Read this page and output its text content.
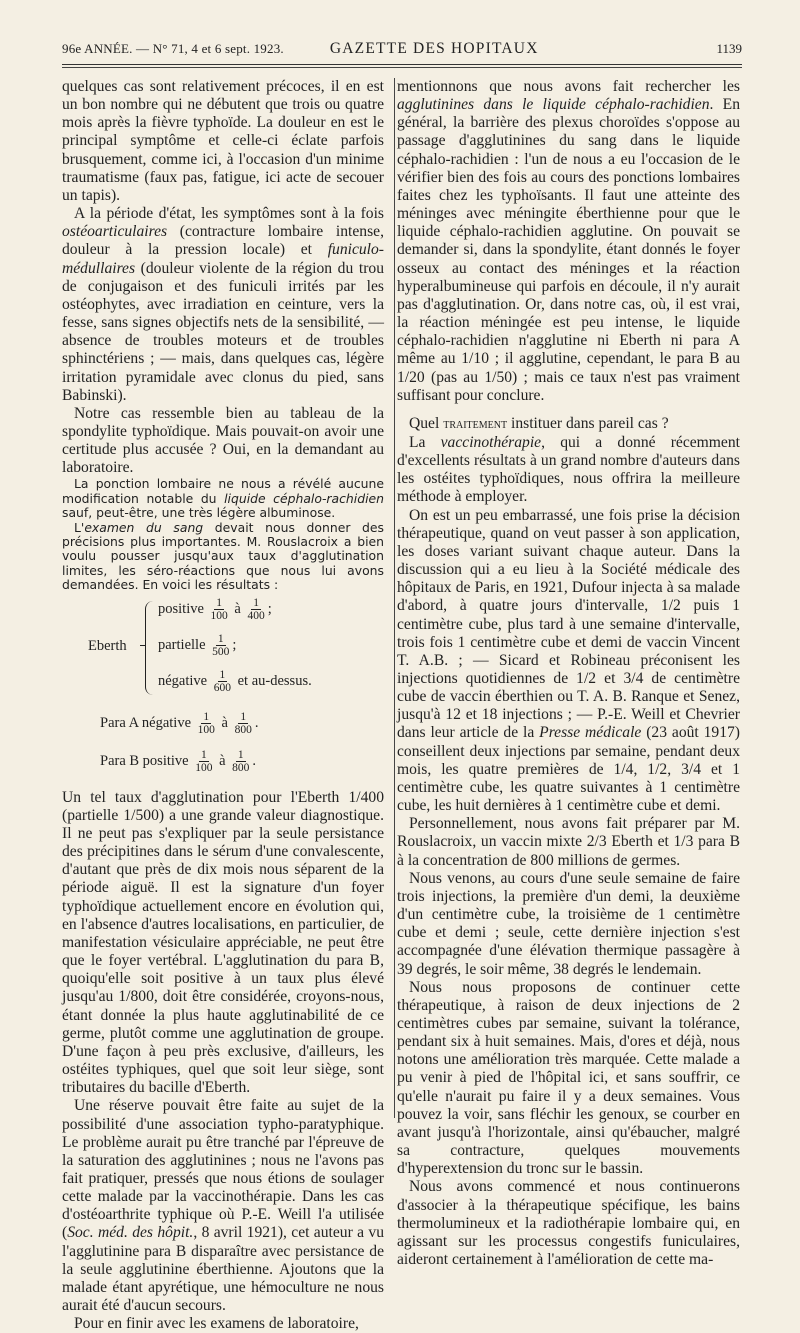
96e ANNÉE. — N° 71, 4 et 6 sept. 1923.	GAZETTE DES HOPITAUX	1139

quelques cas sont relativement précoces, il en est un bon nombre qui ne débutent que trois ou quatre mois après la fièvre typhoïde. La douleur en est le principal symptôme et celle-ci éclate parfois brusquement, comme ici, à l'occasion d'un minime traumatisme (faux pas, fatigue, ici acte de secouer un tapis).

A la période d'état, les symptômes sont à la fois ostéoarticulaires (contracture lombaire intense, douleur à la pression locale) et funiculo-médullaires (douleur violente de la région du trou de conjugaison et des funiculi irrités par les ostéophytes, avec irradiation en ceinture, vers la fesse, sans signes objectifs nets de la sensibilité, — absence de troubles moteurs et de troubles sphinctériens ; — mais, dans quelques cas, légère irritation pyramidale avec clonus du pied, sans Babinski).

Notre cas ressemble bien au tableau de la spondylite typhoïdique. Mais pouvait-on avoir une certitude plus accusée ? Oui, en la demandant au laboratoire.

La ponction lombaire ne nous a révélé aucune modification notable du liquide céphalo-rachidien sauf, peut-être, une très légère albuminose.

L'examen du sang devait nous donner des précisions plus importantes. M. Rouslacroix a bien voulu pousser jusqu'aux taux d'agglutination limites, les séro-réactions que nous lui avons demandées. En voici les résultats :

Eberth
positive $\frac{1}{100}$ à $\frac{1}{400}$ ;
partielle $\frac{1}{500}$ ;
négative $\frac{1}{600}$ et au-dessus.
Para A négative $\frac{1}{100}$ à $\frac{1}{800}$ .
Para B positive $\frac{1}{100}$ à $\frac{1}{800}$ .

Un tel taux d'agglutination pour l'Eberth 1/400 (partielle 1/500) a une grande valeur diagnostique. Il ne peut pas s'expliquer par la seule persistance des précipitines dans le sérum d'une convalescente, d'autant que près de dix mois nous séparent de la période aiguë. Il est la signature d'un foyer typhoïdique actuellement encore en évolution qui, en l'absence d'autres localisations, en particulier, de manifestation vésiculaire appréciable, ne peut être que le foyer vertébral. L'agglutination du para B, quoiqu'elle soit positive à un taux plus élevé jusqu'au 1/800, doit être considérée, croyons-nous, étant donnée la plus haute agglutinabilité de ce germe, plutôt comme une agglutination de groupe. D'une façon à peu près exclusive, d'ailleurs, les ostéites typhiques, quel que soit leur siège, sont tributaires du bacille d'Eberth.

Une réserve pouvait être faite au sujet de la possibilité d'une association typho-paratyphique. Le problème aurait pu être tranché par l'épreuve de la saturation des agglutinines ; nous ne l'avons pas fait pratiquer, pressés que nous étions de soulager cette malade par la vaccinothérapie. Dans les cas d'ostéoarthrite typhique où P.-E. Weill l'a utilisée (Soc. méd. des hôpit., 8 avril 1921), cet auteur a vu l'agglutinine para B disparaître avec persistance de la seule agglutinine éberthienne. Ajoutons que la malade étant apyrétique, une hémoculture ne nous aurait été d'aucun secours.

Pour en finir avec les examens de laboratoire,

mentionnons que nous avons fait rechercher les agglutinines dans le liquide céphalo-rachidien. En général, la barrière des plexus choroïdes s'oppose au passage d'agglutinines du sang dans le liquide céphalo-rachidien : l'un de nous a eu l'occasion de le vérifier bien des fois au cours des ponctions lombaires faites chez les typhoïsants. Il faut une atteinte des méninges avec méningite éberthienne pour que le liquide céphalo-rachidien agglutine. On pouvait se demander si, dans la spondylite, étant donnés le foyer osseux au contact des méninges et la réaction hyperalbumineuse qui parfois en découle, il n'y aurait pas d'agglutination. Or, dans notre cas, où, il est vrai, la réaction méningée est peu intense, le liquide céphalo-rachidien n'agglutine ni Eberth ni para A même au 1/10 ; il agglutine, cependant, le para B au 1/20 (pas au 1/50) ; mais ce taux n'est pas vraiment suffisant pour conclure.

Quel traitement instituer dans pareil cas ?

La vaccinothérapie, qui a donné récemment d'excellents résultats à un grand nombre d'auteurs dans les ostéites typhoïdiques, nous offrira la meilleure méthode à employer.

On est un peu embarrassé, une fois prise la décision thérapeutique, quand on veut passer à son application, les doses variant suivant chaque auteur. Dans la discussion qui a eu lieu à la Société médicale des hôpitaux de Paris, en 1921, Dufour injecta à sa malade d'abord, à quatre jours d'intervalle, 1/2 puis 1 centimètre cube, plus tard à une semaine d'intervalle, trois fois 1 centimètre cube et demi de vaccin Vincent T. A.B. ; — Sicard et Robineau préconisent les injections quotidiennes de 1/2 et 3/4 de centimètre cube de vaccin éberthien ou T. A. B. Ranque et Senez, jusqu'à 12 et 18 injections ; — P.-E. Weill et Chevrier dans leur article de la Presse médicale (23 août 1917) conseillent deux injections par semaine, pendant deux mois, les quatre premières de 1/4, 1/2, 3/4 et 1 centimètre cube, les quatre suivantes à 1 centimètre cube, les huit dernières à 1 centimètre cube et demi.

Personnellement, nous avons fait préparer par M. Rouslacroix, un vaccin mixte 2/3 Eberth et 1/3 para B à la concentration de 800 millions de germes.

Nous venons, au cours d'une seule semaine de faire trois injections, la première d'un demi, la deuxième d'un centimètre cube, la troisième de 1 centimètre cube et demi ; seule, cette dernière injection s'est accompagnée d'une élévation thermique passagère à 39 degrés, le soir même, 38 degrés le lendemain.

Nous nous proposons de continuer cette thérapeutique, à raison de deux injections de 2 centimètres cubes par semaine, suivant la tolérance, pendant six à huit semaines. Mais, d'ores et déjà, nous notons une amélioration très marquée. Cette malade a pu venir à pied de l'hôpital ici, et sans souffrir, ce qu'elle n'aurait pu faire il y a deux semaines. Vous pouvez la voir, sans fléchir les genoux, se courber en avant jusqu'à l'horizontale, ainsi qu'ébaucher, malgré sa contracture, quelques mouvements d'hyperextension du tronc sur le bassin.

Nous avons commencé et nous continuerons d'associer à la thérapeutique spécifique, les bains thermolumineux et la radiothérapie lombaire qui, en agissant sur les processus congestifs funiculaires, aideront certainement à l'amélioration de cette ma-
